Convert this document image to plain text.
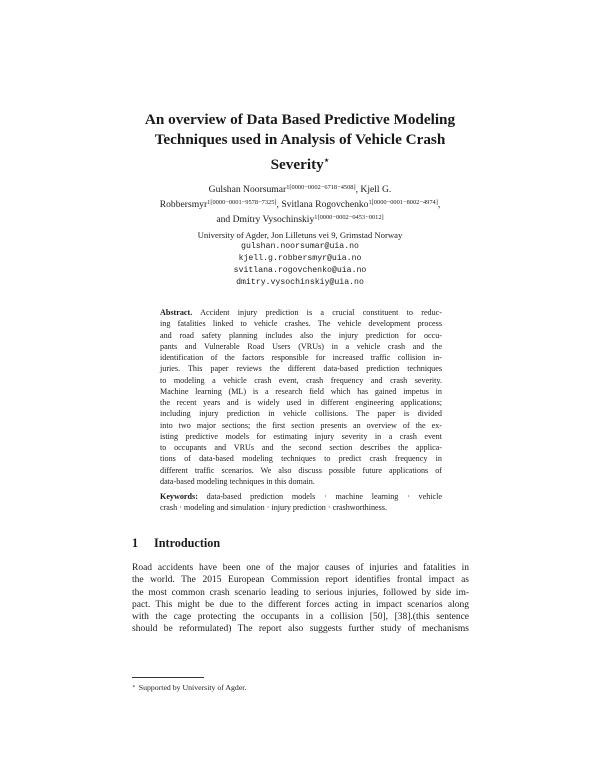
An overview of Data Based Predictive Modeling
Techniques used in Analysis of Vehicle Crash
Severity⋆
Gulshan Noorsumar$^{1[0000-0002-6718-4508]}$, Kjell G.
Robbersmyr$^{1[0000-0001-9578-7325]}$, Svitlana Rogovchenko$^{1[0000-0001-8002-4974]}$,
and Dmitry Vysochinskiy$^{1[0000-0002-0453-0012]}$
University of Agder, Jon Lilletuns vei 9, Grimstad Norway
gulshan.noorsumar@uia.no
kjell.g.robbersmyr@uia.no
svitlana.rogovchenko@uia.no
dmitry.vysochinskiy@uia.no
Abstract. Accident injury prediction is a crucial constituent to reduc-
ing fatalities linked to vehicle crashes. The vehicle development process
and road safety planning includes also the injury prediction for occu-
pants and Vulnerable Road Users (VRUs) in a vehicle crash and the
identification of the factors responsible for increased traffic collision in-
juries. This paper reviews the different data-based prediction techniques
to modeling a vehicle crash event, crash frequency and crash severity.
Machine learning (ML) is a research field which has gained impetus in
the recent years and is widely used in different engineering applications;
including injury prediction in vehicle collisions. The paper is divided
into two major sections; the first section presents an overview of the ex-
isting predictive models for estimating injury severity in a crash event
to occupants and VRUs and the second section describes the applica-
tions of data-based modeling techniques to predict crash frequency in
different traffic scenarios. We also discuss possible future applications of
data-based modeling techniques in this domain.
Keywords: data-based prediction models · machine learning · vehicle
crash · modeling and simulation · injury prediction · crashworthiness.
1 Introduction
Road accidents have been one of the major causes of injuries and fatalities in
the world. The 2015 European Commission report identifies frontal impact as
the most common crash scenario leading to serious injuries, followed by side im-
pact. This might be due to the different forces acting in impact scenarios along
with the cage protecting the occupants in a collision [50], [38].(this sentence
should be reformulated) The report also suggests further study of mechanisms
⋆ Supported by University of Agder.
